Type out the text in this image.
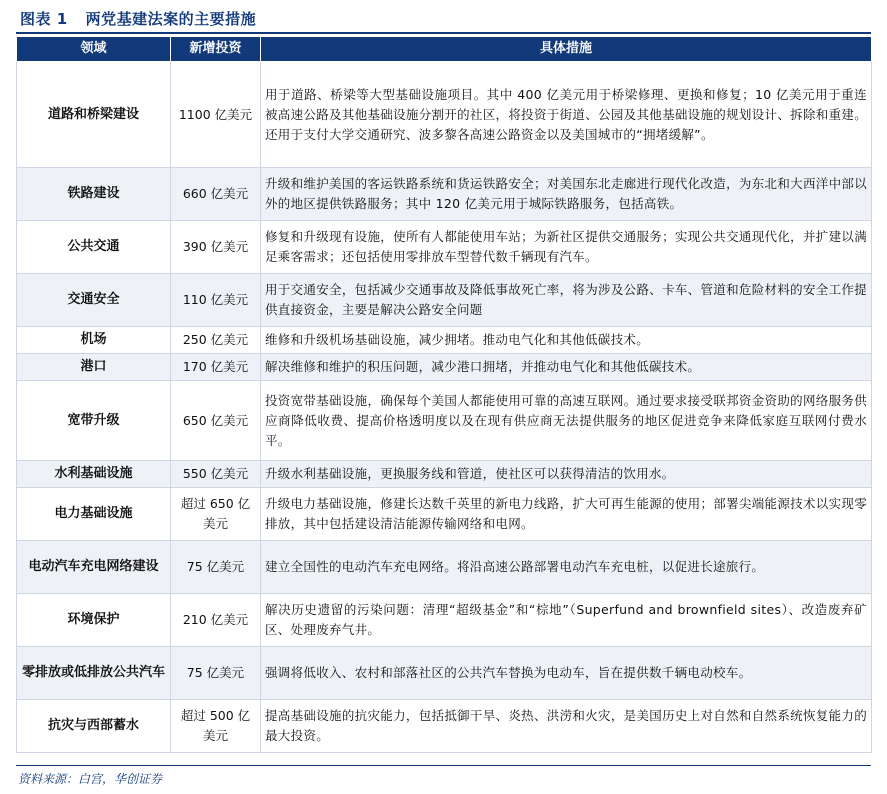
图表 1 两党基建法案的主要措施
领域	新增投资	具体措施
道路和桥梁建设	1100 亿美元	用于道路、桥梁等大型基础设施项目。其中 400 亿美元用于桥梁修理、更换和修复；10 亿美元用于重连被高速公路及其他基础设施分割开的社区，将投资于街道、公园及其他基础设施的规划设计、拆除和重建。还用于支付大学交通研究、波多黎各高速公路资金以及美国城市的“拥堵缓解”。
铁路建设	660 亿美元	升级和维护美国的客运铁路系统和货运铁路安全；对美国东北走廊进行现代化改造，为东北和大西洋中部以外的地区提供铁路服务；其中 120 亿美元用于城际铁路服务，包括高铁。
公共交通	390 亿美元	修复和升级现有设施，使所有人都能使用车站；为新社区提供交通服务；实现公共交通现代化，并扩建以满足乘客需求；还包括使用零排放车型替代数千辆现有汽车。
交通安全	110 亿美元	用于交通安全，包括减少交通事故及降低事故死亡率，将为涉及公路、卡车、管道和危险材料的安全工作提供直接资金，主要是解决公路安全问题
机场	250 亿美元	维修和升级机场基础设施，减少拥堵。推动电气化和其他低碳技术。
港口	170 亿美元	解决维修和维护的积压问题，减少港口拥堵，并推动电气化和其他低碳技术。
宽带升级	650 亿美元	投资宽带基础设施，确保每个美国人都能使用可靠的高速互联网。通过要求接受联邦资金资助的网络服务供应商降低收费、提高价格透明度以及在现有供应商无法提供服务的地区促进竞争来降低家庭互联网付费水平。
水利基础设施	550 亿美元	升级水利基础设施，更换服务线和管道，使社区可以获得清洁的饮用水。
电力基础设施	超过 650 亿美元	升级电力基础设施，修建长达数千英里的新电力线路，扩大可再生能源的使用；部署尖端能源技术以实现零排放，其中包括建设清洁能源传输网络和电网。
电动汽车充电网络建设	75 亿美元	建立全国性的电动汽车充电网络。将沿高速公路部署电动汽车充电桩，以促进长途旅行。
环境保护	210 亿美元	解决历史遗留的污染问题：清理“超级基金”和“棕地”（Superfund and brownfield sites）、改造废弃矿区、处理废弃气井。
零排放或低排放公共汽车	75 亿美元	强调将低收入、农村和部落社区的公共汽车替换为电动车，旨在提供数千辆电动校车。
抗灾与西部蓄水	超过 500 亿美元	提高基础设施的抗灾能力，包括抵御干旱、炎热、洪涝和火灾，是美国历史上对自然和自然系统恢复能力的最大投资。
资料来源：白宫，华创证券
